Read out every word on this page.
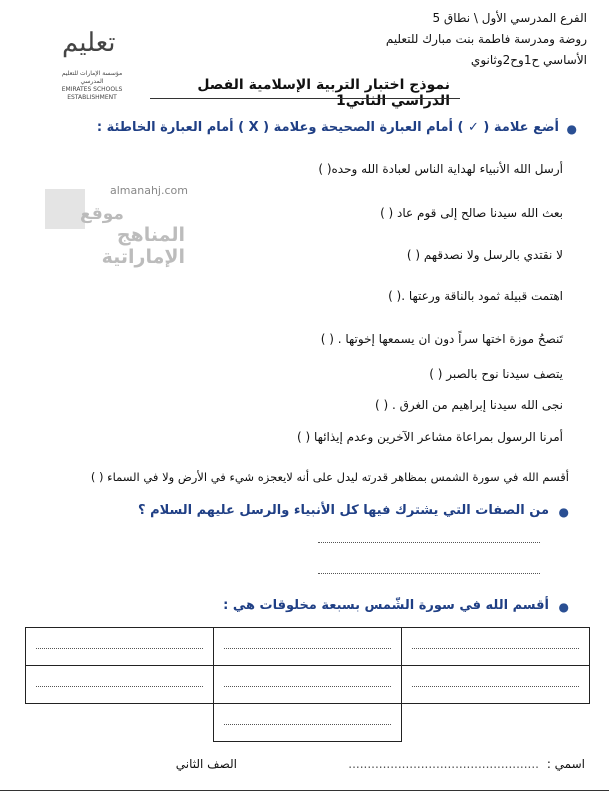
الفرع المدرسي الأول \ نطاق 5
روضة ومدرسة فاطمة بنت مبارك للتعليم
الأساسي ح1وح2وثانوي
تعليم
مؤسسة الإمارات للتعليم المدرسي
EMIRATES SCHOOLS ESTABLISHMENT
نموذج اختبار التربية الإسلامية الفصل الدراسي الثاني1
almanahj.com
موقع
المناهج الإماراتية
●
أضع علامة ( ✓ ) أمام العبارة الصحيحة وعلامة ( X ) أمام العبارة الخاطئة :
أرسل الله الأنبياء لهداية الناس لعبادة الله وحده( )
بعث الله سيدنا صالح إلى قوم عاد ( )
لا نقتدي بالرسل ولا نصدقهم ( )
اهتمت قبيلة ثمود بالناقة ورعتها .( )
تَنصحُ موزة اختها سراً دون ان يسمعها إخوتها . ( )
يتصف سيدنا نوح بالصبر ( )
نجى الله سيدنا إبراهيم من الغرق . ( )
أمرنا الرسول بمراعاة مشاعر الآخرين وعدم إيذائها ( )
أقسم الله في سورة الشمس بمظاهر قدرته ليدل على أنه لايعجزه شيء في الأرض ولا في السماء ( )
●
من الصفات التي يشترك فيها كل الأنبياء والرسل عليهم السلام ؟
●
أقسم الله في سورة الشّمس بسبعة مخلوقات هي :

اسمي :
..................................................
الصف الثاني
